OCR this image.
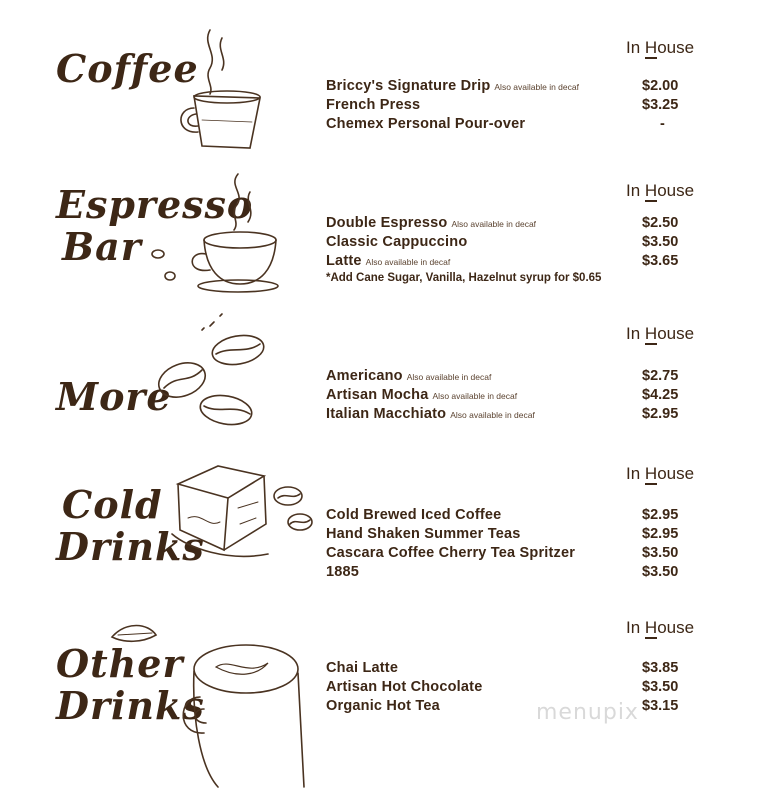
Coffee	In House
Briccy's Signature Drip Also available in decaf	$2.00
French Press	$3.25
Chemex Personal Pour-over	-
Espresso
Bar
In House
Double Espresso Also available in decaf	$2.50
Classic Cappuccino	$3.50
Latte Also available in decaf	$3.65
*Add Cane Sugar, Vanilla, Hazelnut syrup for $0.65
More
In House
Americano Also available in decaf	$2.75
Artisan Mocha Also available in decaf	$4.25
Italian Macchiato Also available in decaf	$2.95
Cold
Drinks
In House
Cold Brewed Iced Coffee	$2.95
Hand Shaken Summer Teas	$2.95
Cascara Coffee Cherry Tea Spritzer	$3.50
1885	$3.50
Other
Drinks
In House
Chai Latte	$3.85
Artisan Hot Chocolate	$3.50
Organic Hot Tea	$3.15
menupix
